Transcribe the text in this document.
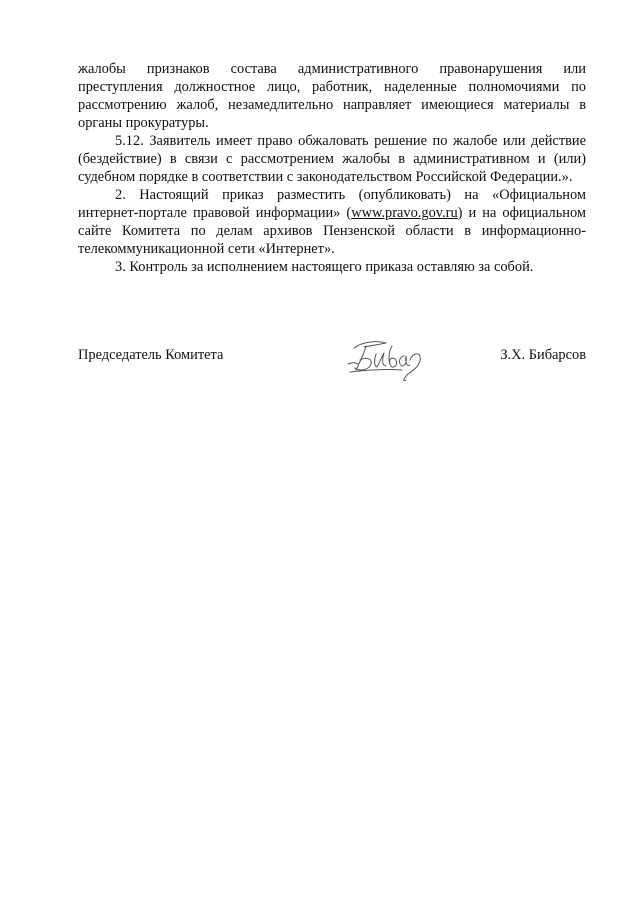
жалобы признаков состава административного правонарушения или преступления должностное лицо, работник, наделенные полномочиями по рассмотрению жалоб, незамедлительно направляет имеющиеся материалы в органы прокуратуры.

5.12. Заявитель имеет право обжаловать решение по жалобе или действие (бездействие) в связи с рассмотрением жалобы в административном и (или) судебном порядке в соответствии с законодательством Российской Федерации.».

2. Настоящий приказ разместить (опубликовать) на «Официальном интернет-портале правовой информации» (www.pravo.gov.ru) и на официальном сайте Комитета по делам архивов Пензенской области в информационно-телекоммуникационной сети «Интернет».

3. Контроль за исполнением настоящего приказа оставляю за собой.

Председатель Комитета	З.Х. Бибарсов
